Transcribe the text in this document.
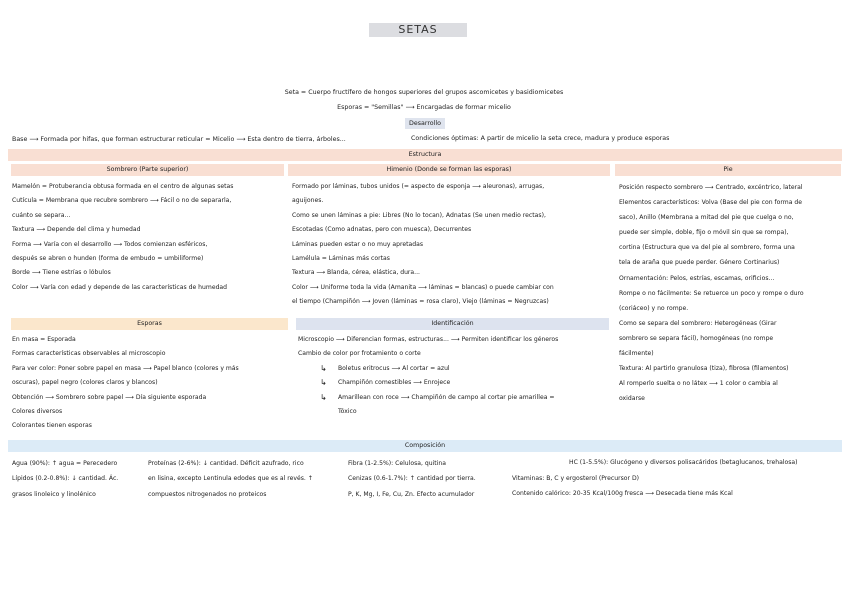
SETAS
Seta = Cuerpo fructífero de hongos superiores del grupos ascomicetes y basidiomicetes
Esporas = "Semillas" ⟶ Encargadas de formar micelio
Desarrollo
Base ⟶ Formada por hifas, que forman estructurar reticular = Micelio ⟶ Esta dentro de tierra, árboles...	Condiciones óptimas: A partir de micelio la seta crece, madura y produce esporas
Estructura
Sombrero (Parte superior)	Himenio (Donde se forman las esporas)	Pie
Mamelón = Protuberancia obtusa formada en el centro de algunas setas
Cutícula = Membrana que recubre sombrero ⟶ Fácil o no de separarla,
cuánto se separa...
Textura ⟶ Depende del clima y humedad
Forma ⟶ Varía con el desarrollo ⟶ Todos comienzan esféricos,
después se abren o hunden (forma de embudo = umbiliforme)
Borde ⟶ Tiene estrías o lóbulos
Color ⟶ Varía con edad y depende de las características de humedad
Formado por láminas, tubos unidos (= aspecto de esponja ⟶ aleuronas), arrugas,
aguijones.
Como se unen láminas a pie: Libres (No lo tocan), Adnatas (Se unen medio rectas),
Escotadas (Como adnatas, pero con muesca), Decurrentes
Láminas pueden estar o no muy apretadas
Lamélula = Láminas más cortas
Textura ⟶ Blanda, cérea, elástica, dura...
Color ⟶ Uniforme toda la vida (Amanita ⟶ láminas = blancas) o puede cambiar con
el tiempo (Champiñón ⟶ Joven (láminas = rosa claro), Viejo (láminas = Negruzcas)
Posición respecto sombrero ⟶ Centrado, excéntrico, lateral
Elementos característicos: Volva (Base del pie con forma de
saco), Anillo (Membrana a mitad del pie que cuelga o no,
puede ser simple, doble, fijo o móvil sin que se rompa),
cortina (Estructura que va del pie al sombrero, forma una
tela de araña que puede perder. Género Cortinarius)
Ornamentación: Pelos, estrías, escamas, orificios...
Rompe o no fácilmente: Se retuerce un poco y rompe o duro
(coriáceo) y no rompe.
Como se separa del sombrero: Heterogéneas (Girar
sombrero se separa fácil), homogéneas (no rompe
fácilmente)
Textura: Al partirlo granulosa (tiza), fibrosa (filamentos)
Al romperlo suelta o no látex ⟶ 1 color o cambia al
oxidarse
Esporas
En masa = Esporada
Formas características observables al microscopio
Para ver color: Poner sobre papel en masa ⟶ Papel blanco (colores y más
oscuras), papel negro (colores claros y blancos)
Obtención ⟶ Sombrero sobre papel ⟶ Día siguiente esporada
Colores diversos
Colorantes tienen esporas
Identificación
Microscopio ⟶ Diferencian formas, estructuras... ⟶ Permiten identificar los géneros
Cambio de color por frotamiento o corte
↳ Boletus eritrocus ⟶ Al cortar = azul
↳ Champiñón comestibles ⟶ Enrojece
↳ Amarillean con roce ⟶ Champiñón de campo al cortar pie amarillea =
Tóxico
Composición
Agua (90%): ↑ agua = Perecedero
Lípidos (0.2-0.8%): ↓ cantidad. Ác.
grasos linoleico y linolénico
Proteínas (2-6%): ↓ cantidad. Déficit azufrado, rico
en lisina, excepto Lentinula edodes que es al revés. ↑
compuestos nitrogenados no proteicos
Fibra (1-2.5%): Celulosa, quitina
Cenizas (0.6-1.7%): ↑ cantidad por tierra.
P, K, Mg, I, Fe, Cu, Zn. Efecto acumulador
HC (1-5.5%): Glucógeno y diversos polisacáridos (betaglucanos, trehalosa)
Vitaminas: B, C y ergosterol (Precursor D)
Contenido calórico: 20-35 Kcal/100g fresca ⟶ Desecada tiene más Kcal
